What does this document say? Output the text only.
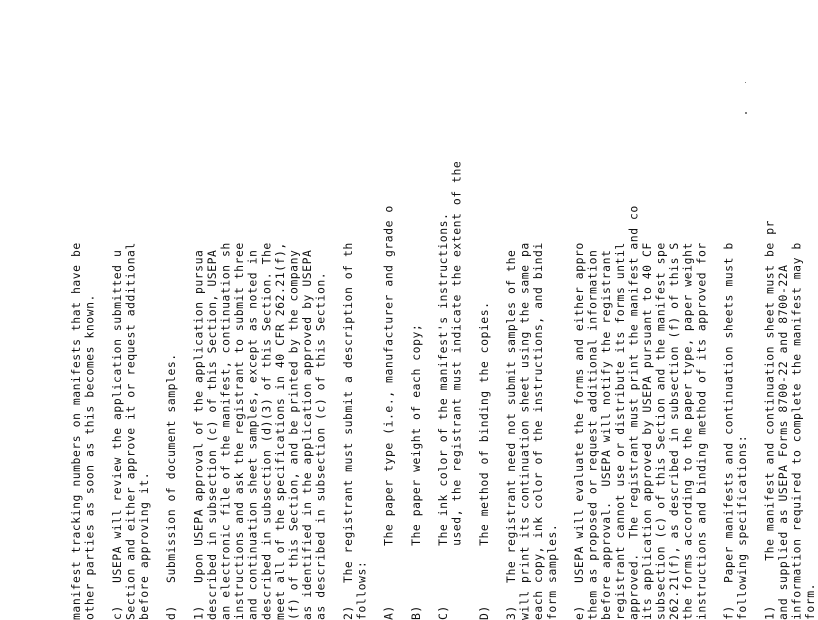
manifest tracking numbers on manifests that have be other parties as soon as this becomes known. c)   USEPA will review the application submitted u Section and either approve it or request additional before approving it. d)   Submission of document samples. 1)   Upon USEPA approval of the application pursua described in subsection (c) of this Section, USEPA an electronic file of the manifest, continuation sh instructions and ask the registrant to submit three and continuation sheet samples, except as noted in described in subsection (d)(3) of this Section. The meet all of the specifications in 40 CFR 262.21(f), (f) of this Section, and be printed by the company as identified in the application approved by USEPA as described in subsection (c) of this Section. 2)   The registrant must submit a description of th follows: A)        The paper type (i.e., manufacturer and grade o B)        The paper weight of each copy; C)        The ink color of the manifest's instructions. used, the registrant must indicate the extent of the D)        The method of binding the copies. 3)   The registrant need not submit samples of the will print its continuation sheet using the same pa each copy, ink color of the instructions, and bindi form samples. e)   USEPA will evaluate the forms and either appro them as proposed or request additional information before approval.  USEPA will notify the registrant registrant cannot use or distribute its forms until approved.  The registrant must print the manifest and co its application approved by USEPA pursuant to 40 CF subsection (c) of this Section and the manifest spe 262.21(f), as described in subsection (f) of this S the forms according to the paper type, paper weight instructions and binding method of its approved for f)   Paper manifests and continuation sheets must b following specifications: 1)      The manifest and continuation sheet must be pr and supplied as USEPA Forms 8700-22 and 8700-22A information required to complete the manifest may b form.
